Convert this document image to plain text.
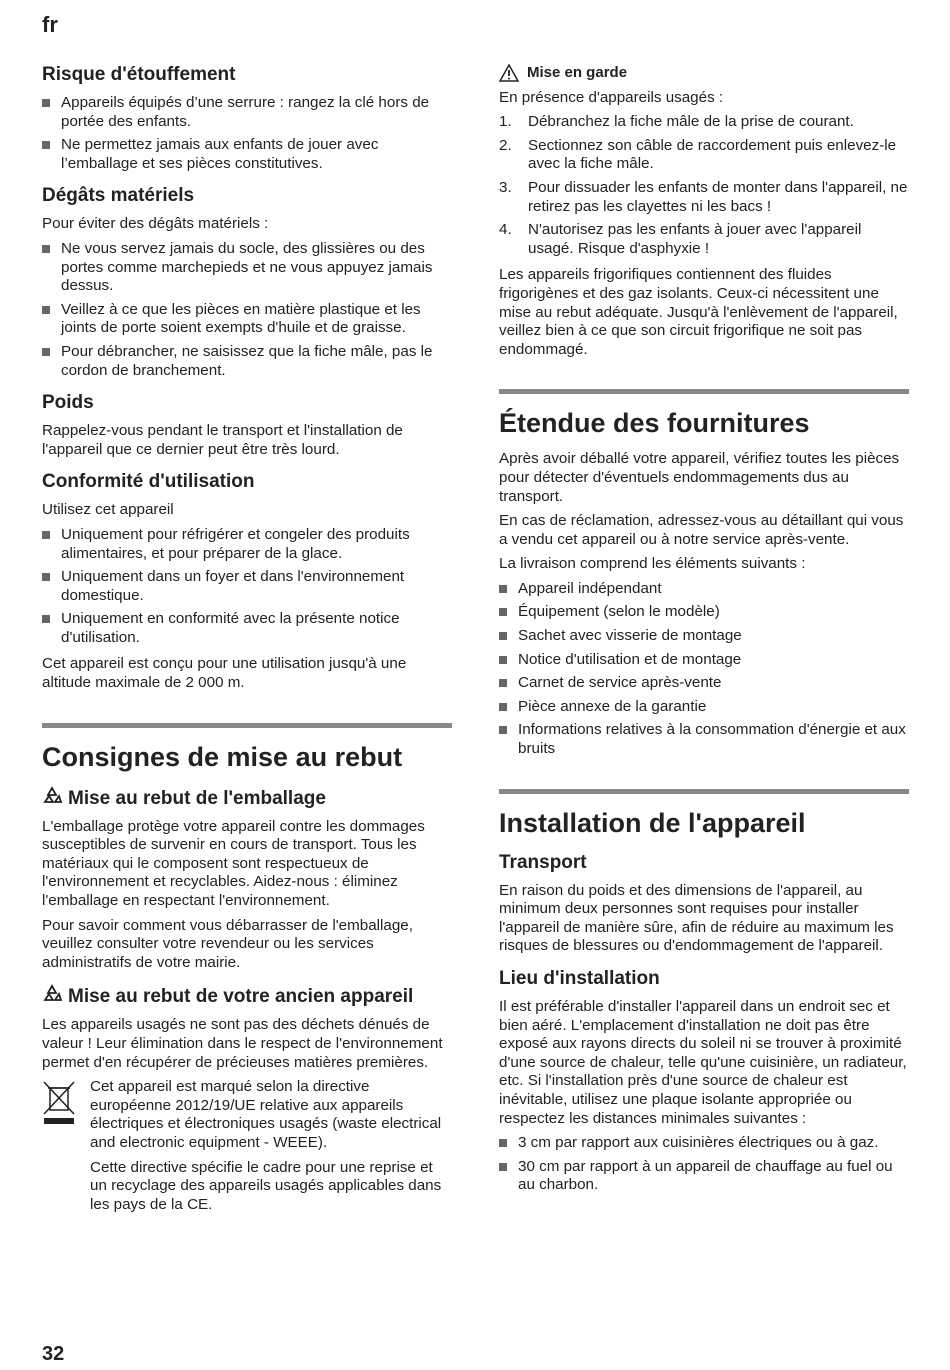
fr
Risque d'étouffement
Appareils équipés d’une serrure : rangez la clé hors de portée des enfants.
Ne permettez jamais aux enfants de jouer avec l’emballage et ses pièces constitutives.
Dégâts matériels

Pour éviter des dégâts matériels :

Ne vous servez jamais du socle, des glissières ou des portes comme marchepieds et ne vous appuyez jamais dessus.
Veillez à ce que les pièces en matière plastique et les joints de porte soient exempts d'huile et de graisse.
Pour débrancher, ne saisissez que la fiche mâle, pas le cordon de branchement.
Poids

Rappelez-vous pendant le transport et l'installation de l'appareil que ce dernier peut être très lourd.

Conformité d'utilisation

Utilisez cet appareil

Uniquement pour réfrigérer et congeler des produits alimentaires, et pour préparer de la glace.
Uniquement dans un foyer et dans l'environnement domestique.
Uniquement en conformité avec la présente notice d'utilisation.

Cet appareil est conçu pour une utilisation jusqu'à une altitude maximale de 2 000 m.

Consignes de mise au rebut
Mise au rebut de l'emballage

L'emballage protège votre appareil contre les dommages susceptibles de survenir en cours de transport. Tous les matériaux qui le composent sont respectueux de l'environnement et recyclables. Aidez-nous : éliminez l'emballage en respectant l'environnement.

Pour savoir comment vous débarrasser de l'emballage, veuillez consulter votre revendeur ou les services administratifs de votre mairie.

Mise au rebut de votre ancien appareil

Les appareils usagés ne sont pas des déchets dénués de valeur ! Leur élimination dans le respect de l'environnement permet d'en récupérer de précieuses matières premières.

Cet appareil est marqué selon la directive européenne 2012/19/UE relative aux appareils électriques et électroniques usagés (waste electrical and electronic equipment - WEEE).

Cette directive spécifie le cadre pour une reprise et un recyclage des appareils usagés applicables dans les pays de la CE.

Mise en garde

En présence d'appareils usagés :

1. Débranchez la fiche mâle de la prise de courant.
2. Sectionnez son câble de raccordement puis enlevez-le avec la fiche mâle.
3. Pour dissuader les enfants de monter dans l'appareil, ne retirez pas les clayettes ni les bacs !
4. N'autorisez pas les enfants à jouer avec l'appareil usagé. Risque d'asphyxie !

Les appareils frigorifiques contiennent des fluides frigorigènes et des gaz isolants. Ceux-ci nécessitent une mise au rebut adéquate. Jusqu'à l'enlèvement de l'appareil, veillez bien à ce que son circuit frigorifique ne soit pas endommagé.

Étendue des fournitures

Après avoir déballé votre appareil, vérifiez toutes les pièces pour détecter d'éventuels endommagements dus au transport.

En cas de réclamation, adressez-vous au détaillant qui vous a vendu cet appareil ou à notre service après-vente.

La livraison comprend les éléments suivants :

Appareil indépendant
Équipement (selon le modèle)
Sachet avec visserie de montage
Notice d'utilisation et de montage
Carnet de service après-vente
Pièce annexe de la garantie
Informations relatives à la consommation d'énergie et aux bruits
Installation de l'appareil
Transport

En raison du poids et des dimensions de l'appareil, au minimum deux personnes sont requises pour installer l'appareil de manière sûre, afin de réduire au maximum les risques de blessures ou d'endommagement de l'appareil.

Lieu d'installation

Il est préférable d'installer l'appareil dans un endroit sec et bien aéré. L'emplacement d'installation ne doit pas être exposé aux rayons directs du soleil ni se trouver à proximité d'une source de chaleur, telle qu'une cuisinière, un radiateur, etc. Si l'installation près d'une source de chaleur est inévitable, utilisez une plaque isolante appropriée ou respectez les distances minimales suivantes :

3 cm par rapport aux cuisinières électriques ou à gaz.
30 cm par rapport à un appareil de chauffage au fuel ou au charbon.
32
